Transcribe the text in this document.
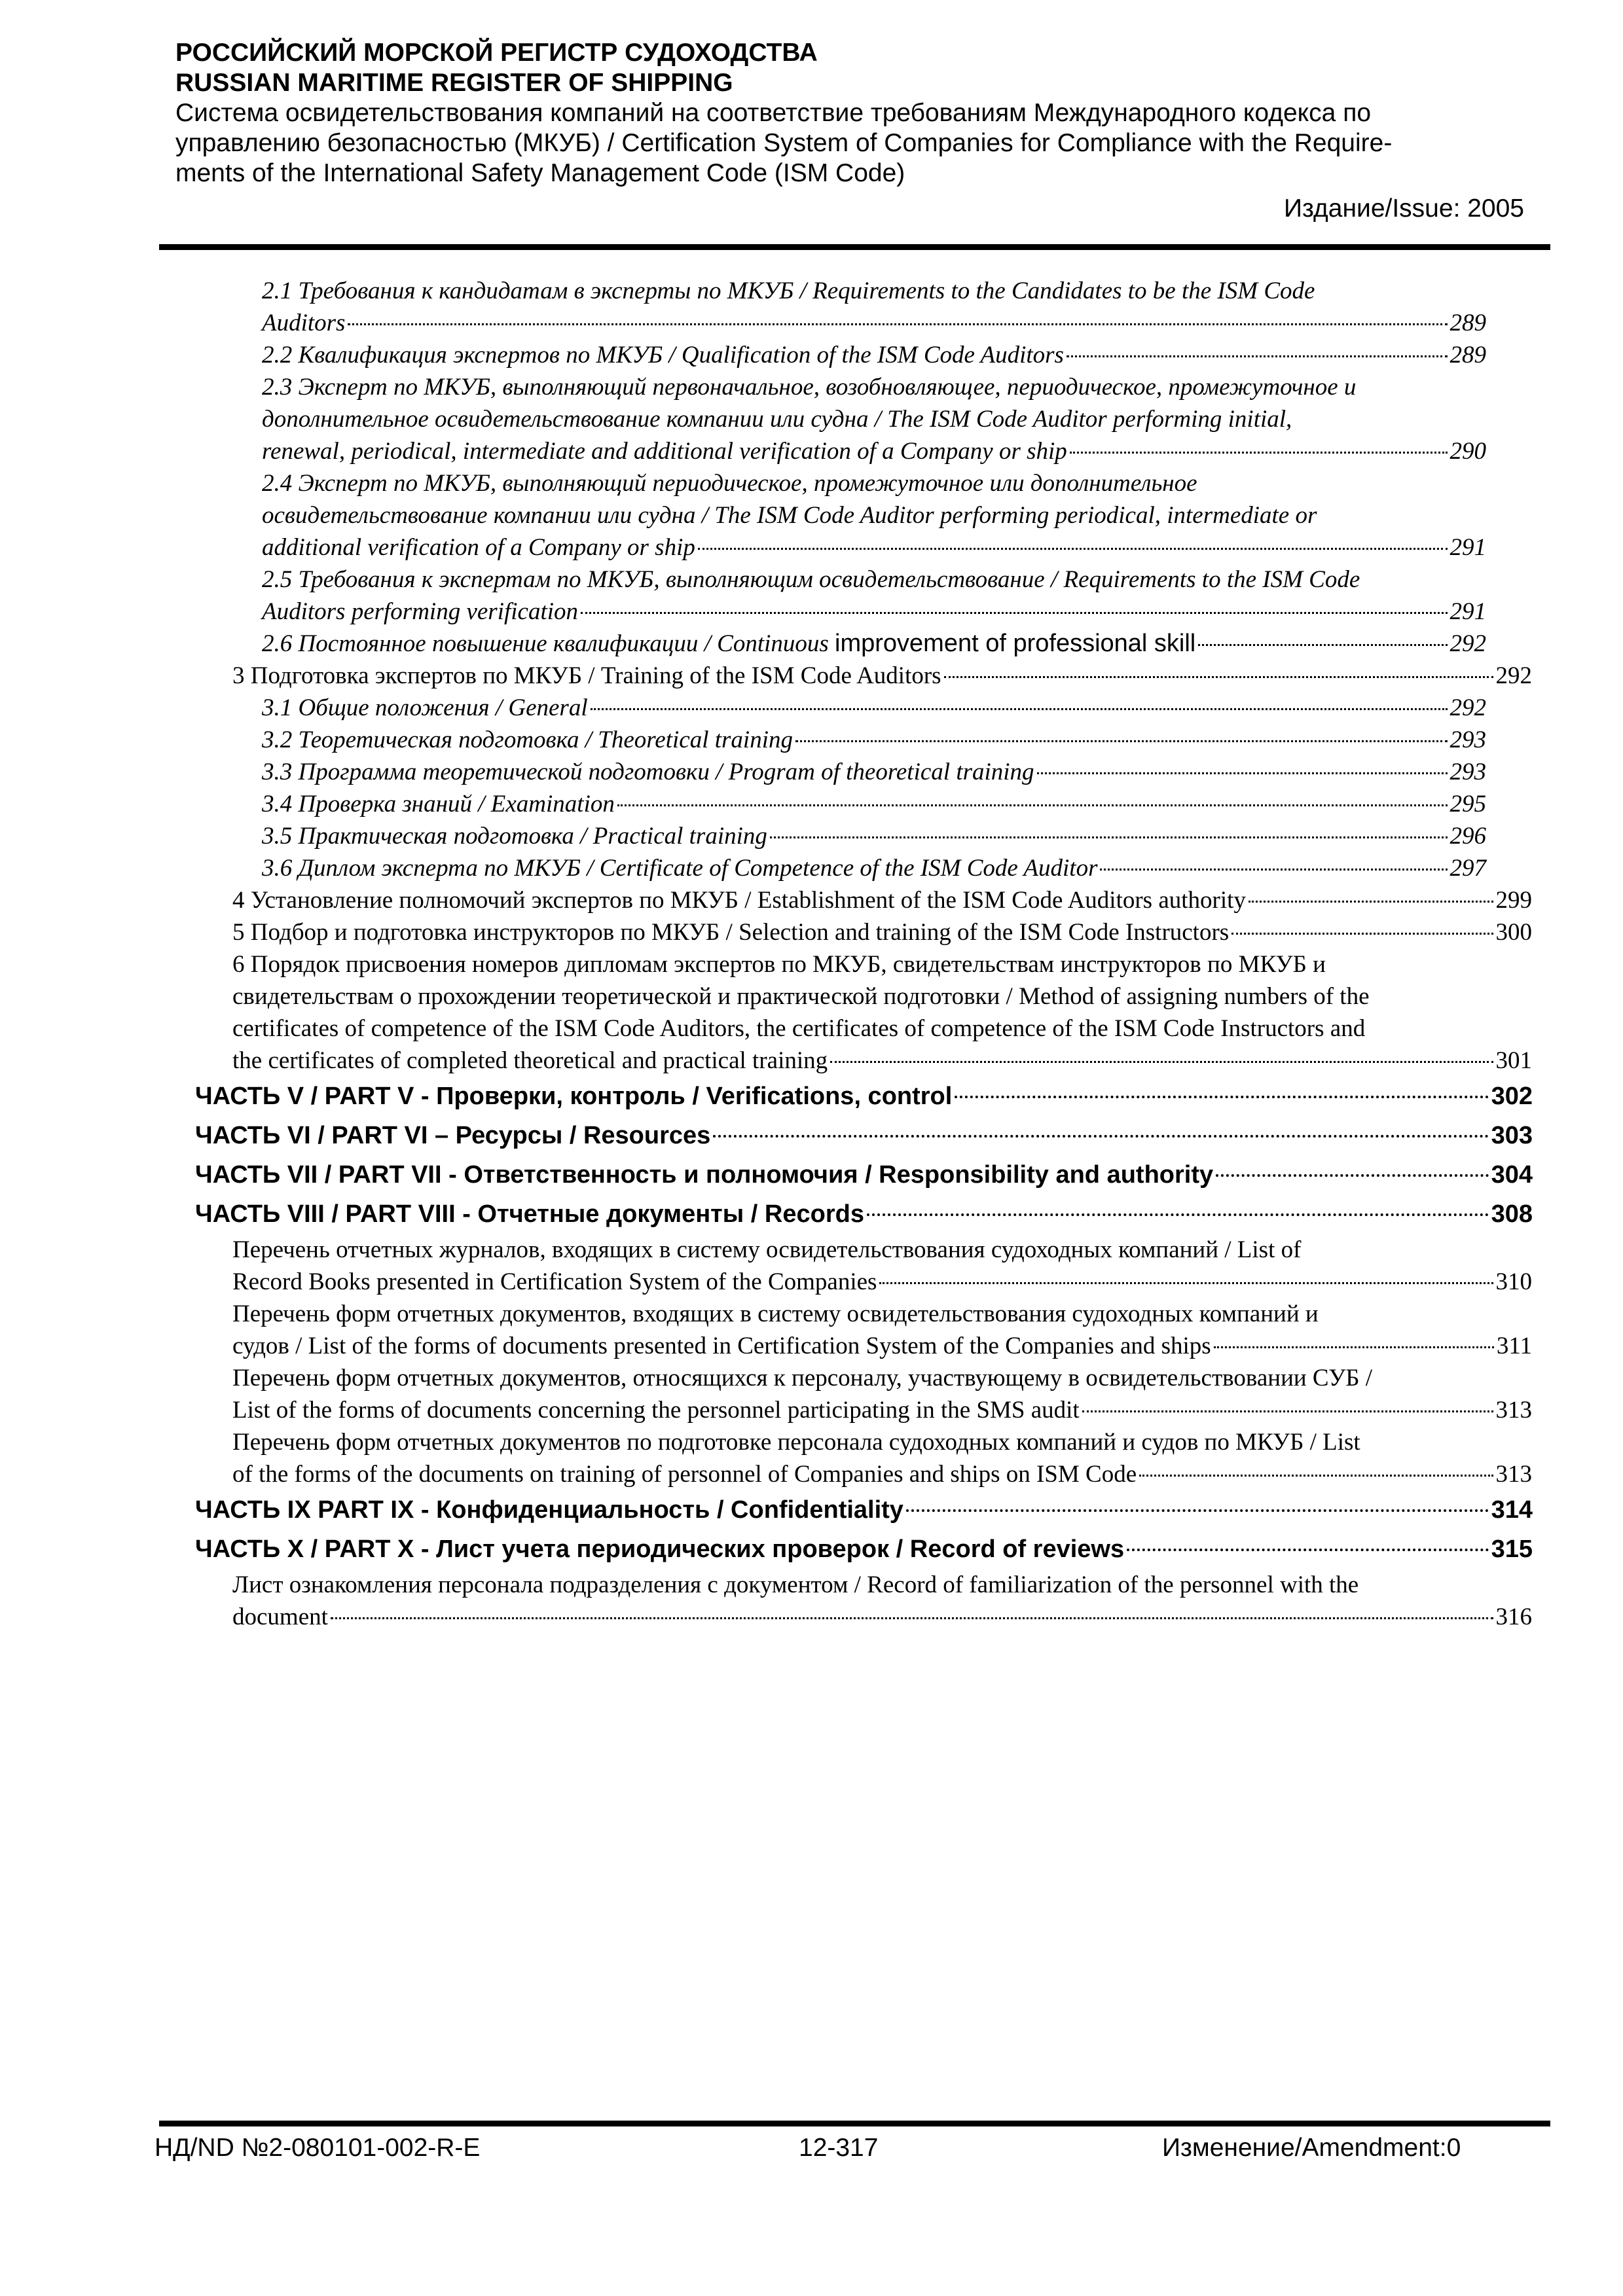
РОССИЙСКИЙ МОРСКОЙ РЕГИСТР СУДОХОДСТВА
RUSSIAN MARITIME REGISTER OF SHIPPING
Система освидетельствования компаний на соответствие требованиям Международного кодекса по
управлению безопасностью (МКУБ) / Certification System of Companies for Compliance with the Require-
ments of the International Safety Management Code (ISM Code)
Издание/Issue: 2005
2.1 Требования к кандидатам в эксперты по МКУБ / Requirements to the Candidates to be the ISM Code
Auditors	289
2.2 Квалификация экспертов по МКУБ / Qualification of the ISM Code Auditors	289
2.3 Эксперт по МКУБ, выполняющий первоначальное, возобновляющее, периодическое, промежуточное и
дополнительное освидетельствование компании или судна / The ISM Code Auditor performing initial,
renewal, periodical, intermediate and additional verification of a Company or ship	290
2.4 Эксперт по МКУБ, выполняющий периодическое, промежуточное или дополнительное
освидетельствование компании или судна / The ISM Code Auditor performing periodical, intermediate or
additional verification of a Company or ship	291
2.5 Требования к экспертам по МКУБ, выполняющим освидетельствование / Requirements to the ISM Code
Auditors performing verification	291
2.6 Постоянное повышение квалификации / Continuous improvement of professional skill	292
3 Подготовка экспертов по МКУБ / Training of the ISM Code Auditors	292
3.1 Общие положения / General	292
3.2 Теоретическая подготовка / Theoretical training	293
3.3 Программа теоретической подготовки / Program of theoretical training	293
3.4 Проверка знаний / Examination	295
3.5 Практическая подготовка / Practical training	296
3.6 Диплом эксперта по МКУБ / Certificate of Competence of the ISM Code Auditor	297
4 Установление полномочий экспертов по МКУБ / Establishment of the ISM Code Auditors authority	299
5 Подбор и подготовка инструкторов по МКУБ / Selection and training of the ISM Code Instructors	300
6 Порядок присвоения номеров дипломам экспертов по МКУБ, свидетельствам инструкторов по МКУБ и
свидетельствам о прохождении теоретической и практической подготовки / Method of assigning numbers of the
certificates of competence of the ISM Code Auditors, the certificates of competence of the ISM Code Instructors and
the certificates of completed theoretical and practical training	301
ЧАСТЬ V / PART V - Проверки, контроль / Verifications, control	302
ЧАСТЬ VI / PART VI – Ресурсы / Resources	303
ЧАСТЬ VII / PART VII - Ответственность и полномочия / Responsibility and authority	304
ЧАСТЬ VIII / PART VIII - Отчетные документы / Records	308
Перечень отчетных журналов, входящих в систему освидетельствования судоходных компаний / List of
Record Books presented in Certification System of the Companies	310
Перечень форм отчетных документов, входящих в систему освидетельствования судоходных компаний и
судов / List of the forms of documents presented in Certification System of the Companies and ships	311
Перечень форм отчетных документов, относящихся к персоналу, участвующему в освидетельствовании СУБ /
List of the forms of documents concerning the personnel participating in the SMS audit	313
Перечень форм отчетных документов по подготовке персонала судоходных компаний и судов по МКУБ / List
of the forms of the documents on training of personnel of Companies and ships on ISM Code	313
ЧАСТЬ IX PART IX - Конфиденциальность / Confidentiality	314
ЧАСТЬ X / PART X - Лист учета периодических проверок / Record of reviews	315
Лист ознакомления персонала подразделения с документом / Record of familiarization of the personnel with the
document	316
НД/ND №2-080101-002-R-E	12-317	Изменение/Amendment:0
